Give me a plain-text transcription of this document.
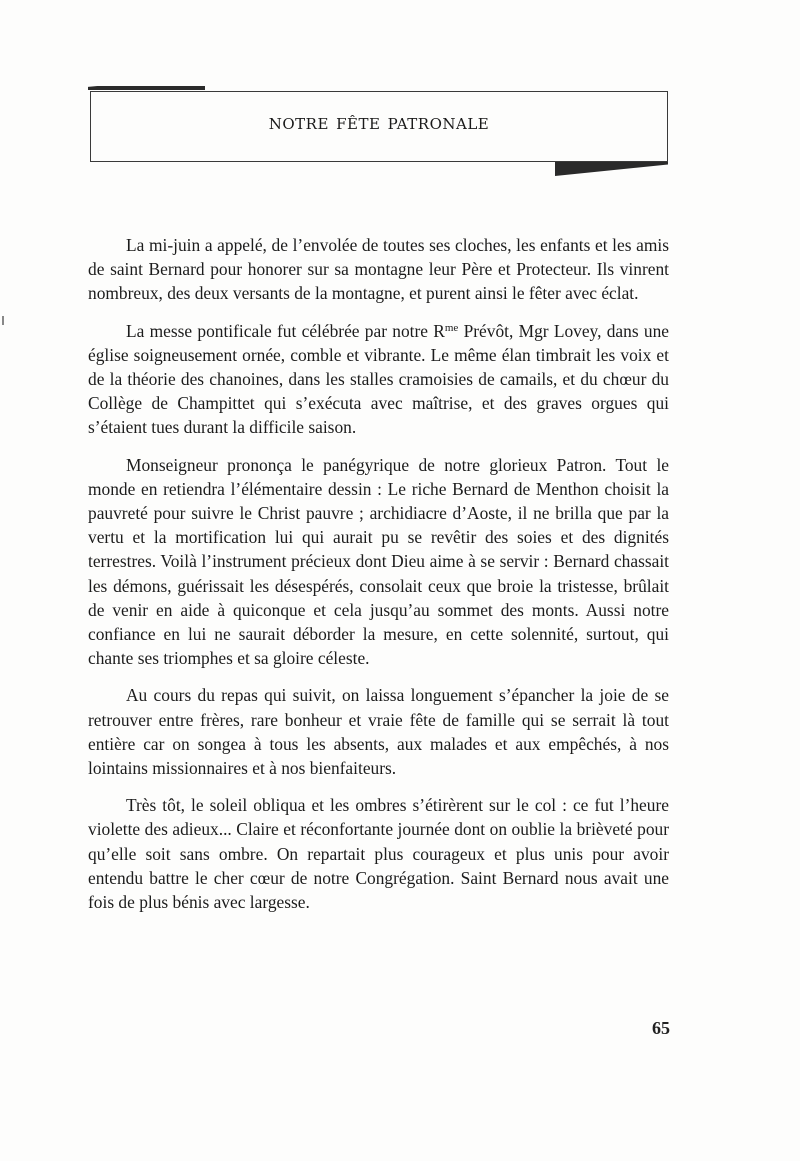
notre fête patronale

La mi-juin a appelé, de l’envolée de toutes ses cloches, les enfants et les amis de saint Bernard pour honorer sur sa montagne leur Père et Protecteur. Ils vinrent nombreux, des deux versants de la montagne, et purent ainsi le fêter avec éclat.

La messe pontificale fut célébrée par notre $R^{me}$ Prévôt, Mgr Lovey, dans une église soigneusement ornée, comble et vibrante. Le même élan timbrait les voix et de la théorie des chanoines, dans les stalles cramoisies de camails, et du chœur du Collège de Champittet qui s’exécuta avec maîtrise, et des graves orgues qui s’étaient tues durant la difficile saison.

Monseigneur prononça le panégyrique de notre glorieux Patron. Tout le monde en retiendra l’élémentaire dessin : Le riche Bernard de Menthon choisit la pauvreté pour suivre le Christ pauvre ; archidiacre d’Aoste, il ne brilla que par la vertu et la mortification lui qui aurait pu se revêtir des soies et des dignités terrestres. Voilà l’instrument précieux dont Dieu aime à se servir : Bernard chassait les démons, guérissait les désespérés, consolait ceux que broie la tristesse, brûlait de venir en aide à quiconque et cela jusqu’au sommet des monts. Aussi notre confiance en lui ne saurait déborder la mesure, en cette solennité, surtout, qui chante ses triomphes et sa gloire céleste.

Au cours du repas qui suivit, on laissa longuement s’épancher la joie de se retrouver entre frères, rare bonheur et vraie fête de famille qui se serrait là tout entière car on songea à tous les absents, aux malades et aux empêchés, à nos lointains missionnaires et à nos bienfaiteurs.

Très tôt, le soleil obliqua et les ombres s’étirèrent sur le col : ce fut l’heure violette des adieux... Claire et réconfortante journée dont on oublie la brièveté pour qu’elle soit sans ombre. On repartait plus courageux et plus unis pour avoir entendu battre le cher cœur de notre Congrégation. Saint Bernard nous avait une fois de plus bénis avec largesse.

65
